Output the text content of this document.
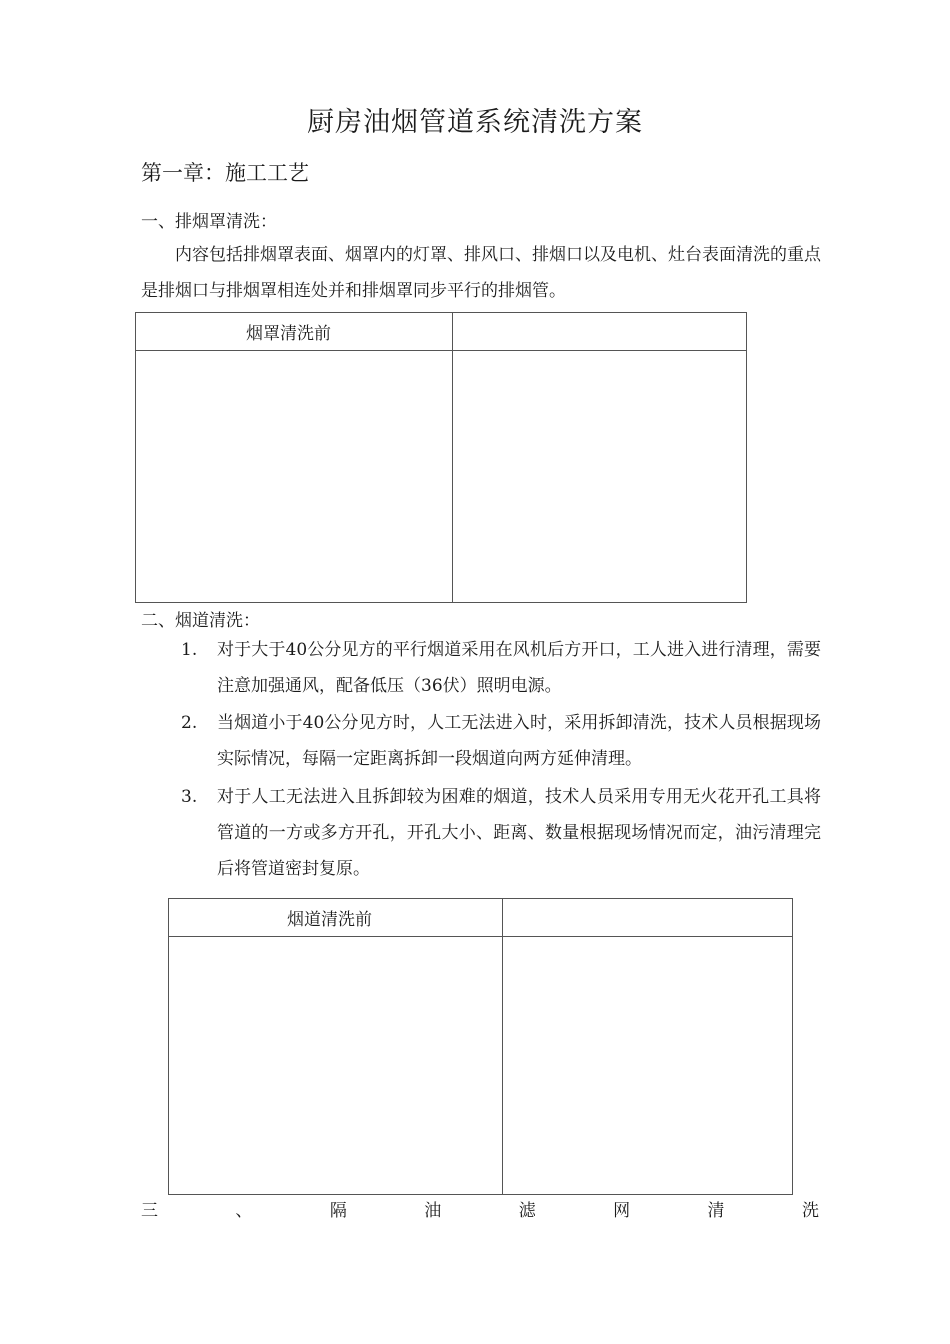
厨房油烟管道系统清洗方案
第一章：施工工艺
一、排烟罩清洗：
内容包括排烟罩表面、烟罩内的灯罩、排风口、排烟口以及电机、灶台表面清洗的重点是排烟口与排烟罩相连处并和排烟罩同步平行的排烟管。
烟罩清洗前	

二、烟道清洗：
1.	对于大于40公分见方的平行烟道采用在风机后方开口，工人进入进行清理，需要注意加强通风，配备低压（36伏）照明电源。
2.	当烟道小于40公分见方时，人工无法进入时，采用拆卸清洗，技术人员根据现场实际情况，每隔一定距离拆卸一段烟道向两方延伸清理。
3.	对于人工无法进入且拆卸较为困难的烟道，技术人员采用专用无火花开孔工具将管道的一方或多方开孔，开孔大小、距离、数量根据现场情况而定，油污清理完后将管道密封复原。
烟道清洗前	

三	、	隔	油	滤	网	清	洗
